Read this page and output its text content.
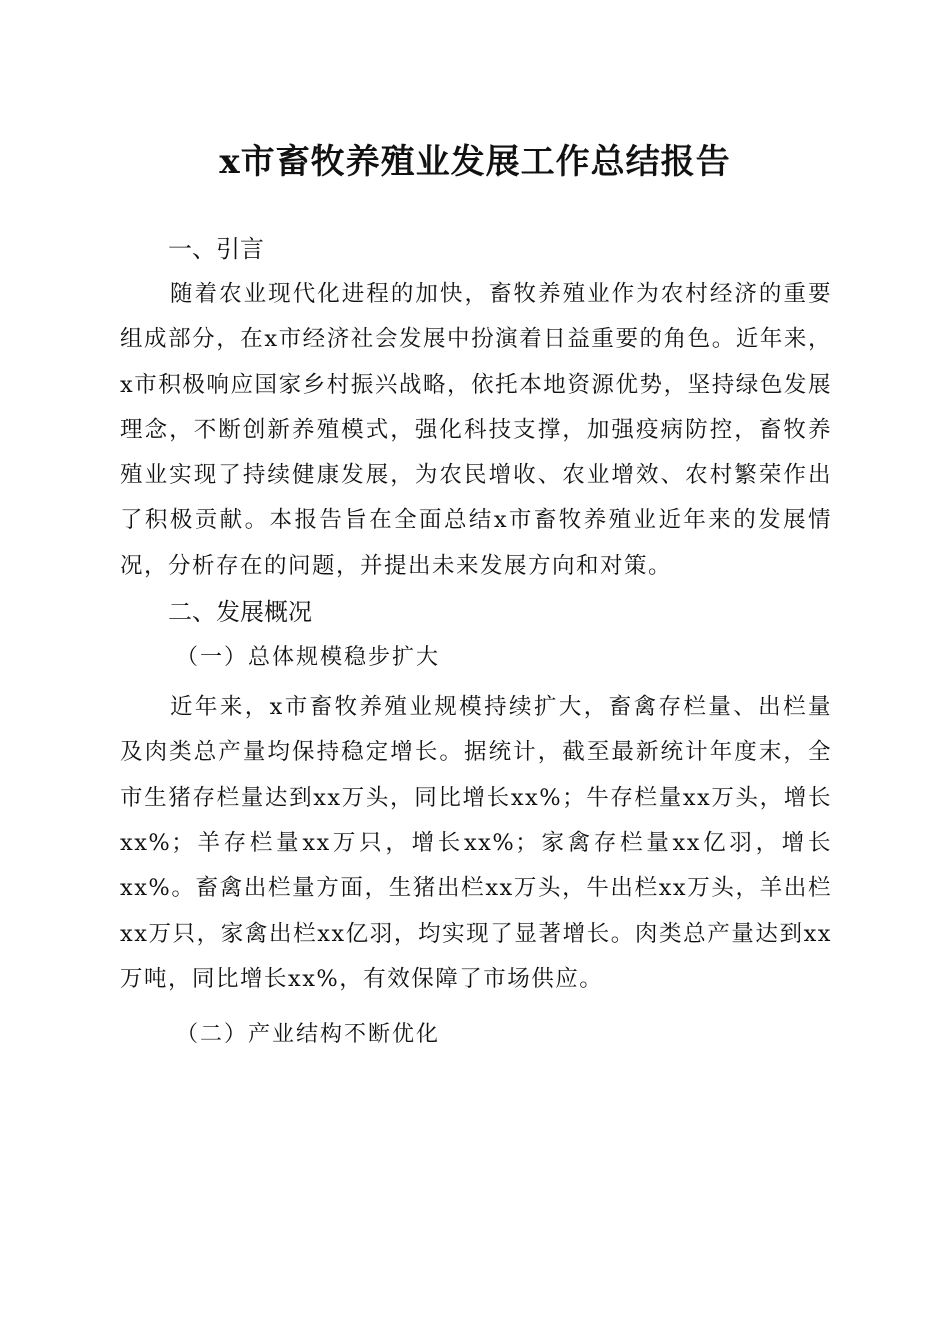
x市畜牧养殖业发展工作总结报告
一、引言

随着农业现代化进程的加快，畜牧养殖业作为农村经济的重要组成部分，在x市经济社会发展中扮演着日益重要的角色。近年来，x市积极响应国家乡村振兴战略，依托本地资源优势，坚持绿色发展理念，不断创新养殖模式，强化科技支撑，加强疫病防控，畜牧养殖业实现了持续健康发展，为农民增收、农业增效、农村繁荣作出了积极贡献。本报告旨在全面总结x市畜牧养殖业近年来的发展情况，分析存在的问题，并提出未来发展方向和对策。

二、发展概况
（一）总体规模稳步扩大

近年来，x市畜牧养殖业规模持续扩大，畜禽存栏量、出栏量及肉类总产量均保持稳定增长。据统计，截至最新统计年度末，全市生猪存栏量达到xx万头，同比增长xx%；牛存栏量xx万头，增长xx%；羊存栏量xx万只，增长xx%；家禽存栏量xx亿羽，增长xx%。畜禽出栏量方面，生猪出栏xx万头，牛出栏xx万头，羊出栏xx万只，家禽出栏xx亿羽，均实现了显著增长。肉类总产量达到xx万吨，同比增长xx%，有效保障了市场供应。

（二）产业结构不断优化
